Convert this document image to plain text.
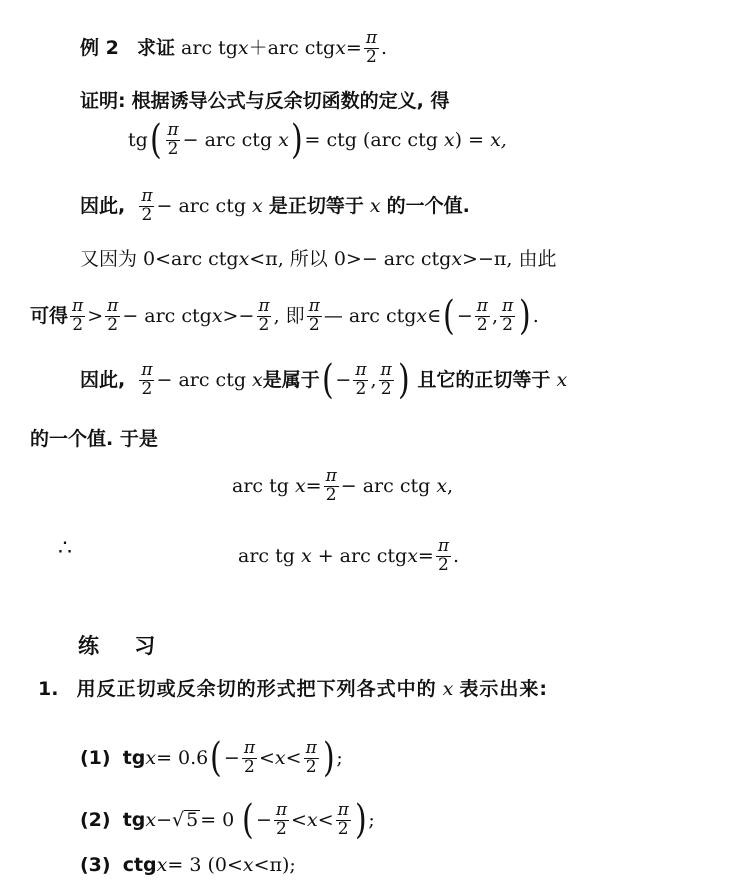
例 2
求证
arc tg x ＋ arc ctg $x = \frac{\pi}{2}$ .
证明:
根据诱导公式与反余切函数的定义, 得
tg ( $\frac{\pi}{2}$ −
arc ctg
x ) = ctg (arc ctg
x ) =
x,
因此,
$\frac{\pi}{2}$ − arc ctg
x
是正切等于
x
的一个值.
又因为 0<arc ctg x <π, 所以 0>− arc ctg x >−π, 由此
可得 $\frac{\pi}{2} > \frac{\pi}{2}$ − arc ctg $x >- \frac{\pi}{2}$ , 即 $\frac{\pi}{2}$ — arc ctg x ∈ ( − $\frac{\pi}{2}$ , $\frac{\pi}{2}$ ) .
因此,
$\frac{\pi}{2}$ − arc ctg
x 是属于 ( − $\frac{\pi}{2}$ , $\frac{\pi}{2}$ )
且它的正切等于
x
的一个值. 于是
arc tg
$x = \frac{\pi}{2}$ − arc ctg
x ,
∴	arc tg
x
+
arc ctg $x = \frac{\pi}{2}$ .
练 习
1.
用反正切或反余切的形式把下列各式中的
x
表示出来:
(1)
tg x = 0.6 ( − $\frac{\pi}{2} < x < \frac{\pi}{2}$ ) ;
(2)
tg x − √ 5 = 0
( − $\frac{\pi}{2} < x < \frac{\pi}{2}$ ) ;
(3)
ctg x = 3
(0< x <π);
